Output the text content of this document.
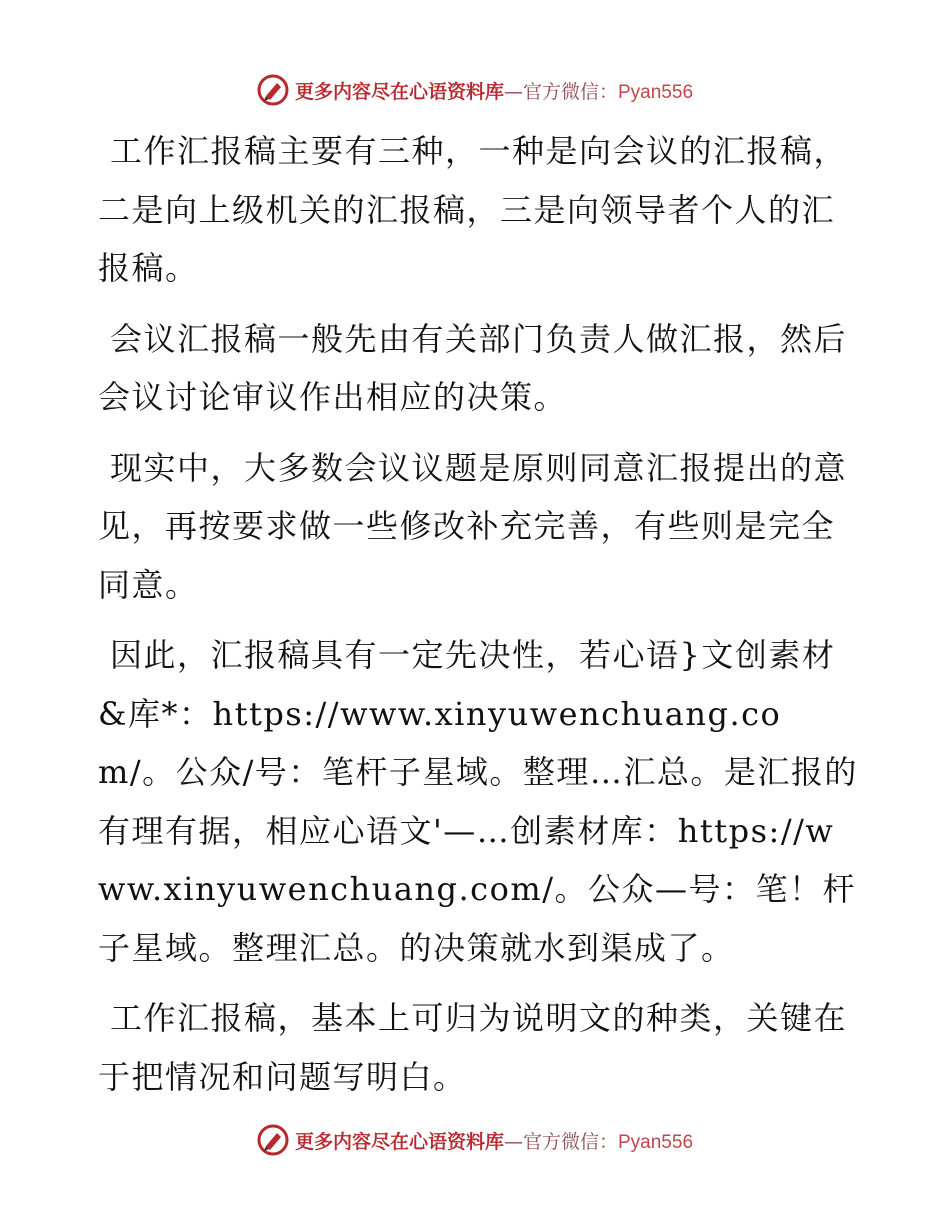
更多内容尽在心语资料库—官方微信：Pyan556

工作汇报稿主要有三种，一种是向会议的汇报稿，二是向上级机关的汇报稿，三是向领导者个人的汇报稿。

会议汇报稿一般先由有关部门负责人做汇报，然后会议讨论审议作出相应的决策。

现实中，大多数会议议题是原则同意汇报提出的意见，再按要求做一些修改补充完善，有些则是完全同意。

因此，汇报稿具有一定先决性，若心语}文创素材&库*：https://www.xinyuwenchuang.com/。公众/号：笔杆子星域。整理…汇总。是汇报的有理有据，相应心语文'—…创素材库：https://www.xinyuwenchuang.com/。公众—号：笔！杆子星域。整理汇总。的决策就水到渠成了。

工作汇报稿，基本上可归为说明文的种类，关键在于把情况和问题写明白。

更多内容尽在心语资料库—官方微信：Pyan556
